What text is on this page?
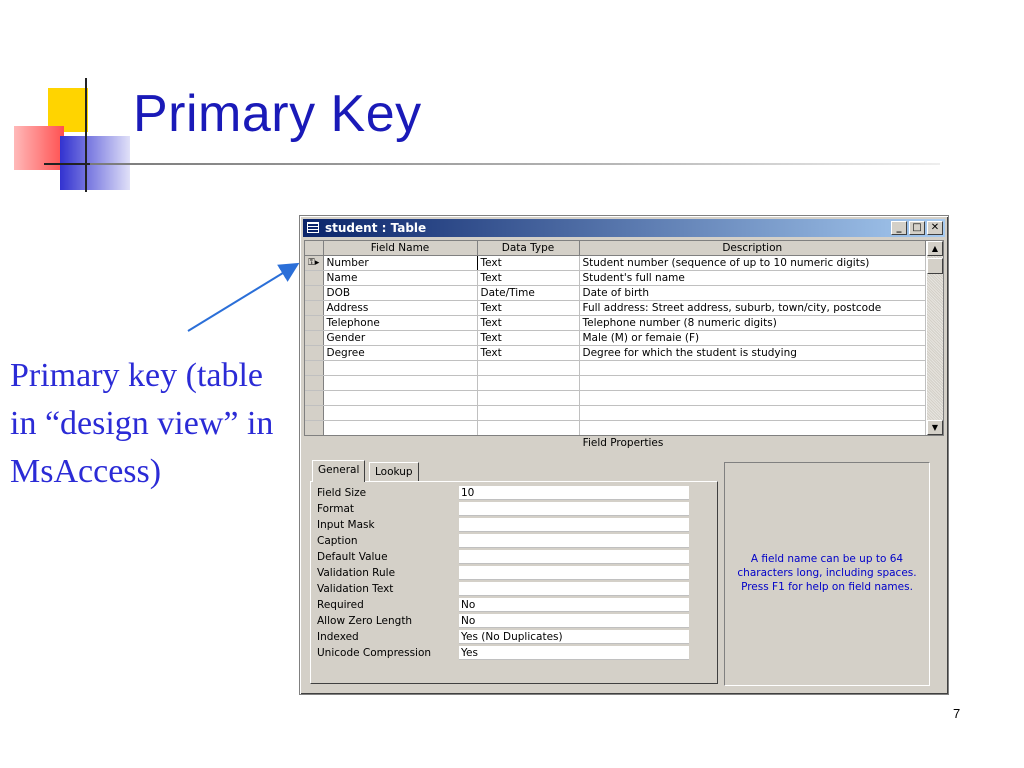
Primary Key
Primary key (table in “design view” in MsAccess)
student : Table	_	□ ✕
	Field Name	Data Type	Description
⚿▸	Number	Text	Student number (sequence of up to 10 numeric digits)
	Name	Text	Student's full name
	DOB	Date/Time	Date of birth
	Address	Text	Full address: Street address, suburb, town/city, postcode
	Telephone	Text	Telephone number (8 numeric digits)
	Gender	Text	Male (M) or femaie (F)
	Degree	Text	Degree for which the student is studying

▲
▼
Field Properties
General	Lookup
Field Size	10
Format
Input Mask
Caption
Default Value
Validation Rule
Validation Text
Required	No
Allow Zero Length	No
Indexed	Yes (No Duplicates)
Unicode Compression	Yes
A field name can be up to 64 characters long, including spaces. Press F1 for help on field names.
7
